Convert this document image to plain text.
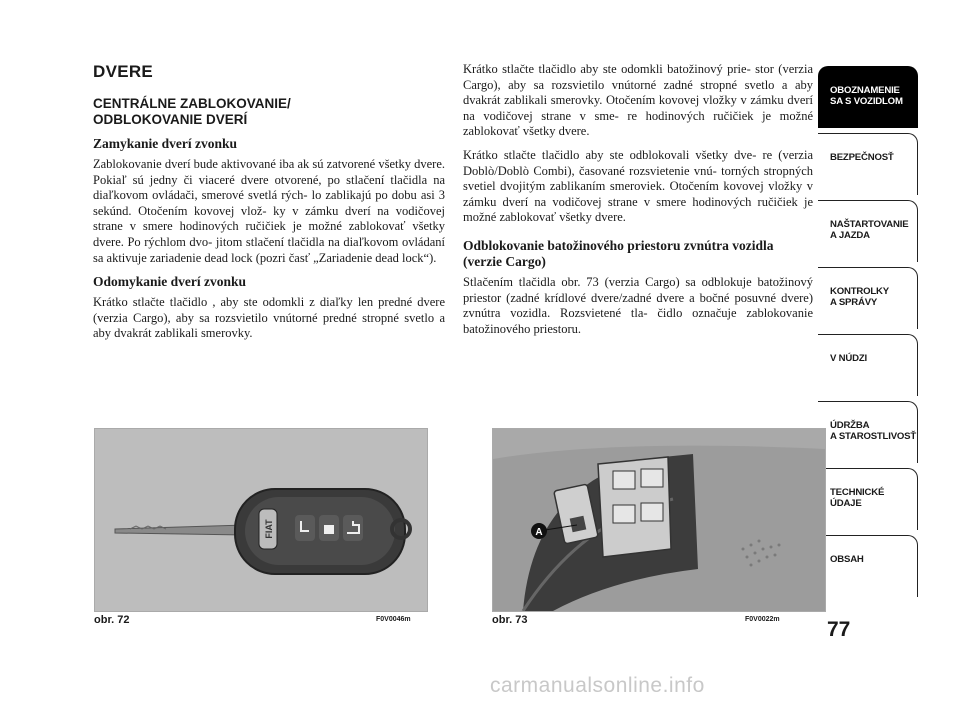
DVERE
CENTRÁLNE ZABLOKOVANIE/ ODBLOKOVANIE DVERÍ
Zamykanie dverí zvonku
Zablokovanie dverí bude aktivované iba ak sú zatvorené všetky dvere. Pokiaľ sú jedny či viaceré dvere otvorené, po stlačení tlačidla na diaľkovom ovládači, smerové svetlá rých- lo zablikajú po dobu asi 3 sekúnd. Otočením kovovej vlož- ky v zámku dverí na vodičovej strane v smere hodinových ručičiek je možné zablokovať všetky dvere. Po rýchlom dvo- jitom stlačení tlačidla na diaľkovom ovládaní sa aktivuje zariadenie dead lock (pozri časť „Zariadenie dead lock“).
Odomykanie dverí zvonku
Krátko stlačte tlačidlo , aby ste odomkli z diaľky len predné dvere (verzia Cargo), aby sa rozsvietilo vnútorné predné stropné svetlo a aby dvakrát zablikali smerovky.
Krátko stlačte tlačidlo aby ste odomkli batožinový prie- stor (verzia Cargo), aby sa rozsvietilo vnútorné zadné stropné svetlo a aby dvakrát zablikali smerovky. Otočením kovovej vložky v zámku dverí na vodičovej strane v sme- re hodinových ručičiek je možné zablokovať všetky dvere.
Krátko stlačte tlačidlo aby ste odblokovali všetky dve- re (verzia Doblò/Doblò Combi), časované rozsvietenie vnú- torných stropných svetiel dvojitým zablikaním smeroviek. Otočením kovovej vložky v zámku dverí na vodičovej strane v smere hodinových ručičiek je možné zablokovať všetky dvere.
Odblokovanie batožinového priestoru zvnútra vozidla (verzie Cargo)
Stlačením tlačidla obr. 73 (verzia Cargo) sa odblokuje batožinový priestor (zadné krídlové dvere/zadné dvere a bočné posuvné dvere) zvnútra vozidla. Rozsvietené tla- čidlo označuje zablokovanie batožinového priestoru.
OBOZNAMENIE
SA S VOZIDLOM
BEZPEČNOSŤ
NAŠTARTOVANIE
A JAZDA
KONTROLKY
A SPRÁVY
V NÚDZI
ÚDRŽBA
A STAROSTLIVOSŤ
TECHNICKÉ
ÚDAJE
OBSAH
77
FIAT
obr. 72	F0V0046m
A
obr. 73	F0V0022m
carmanualsonline.info
